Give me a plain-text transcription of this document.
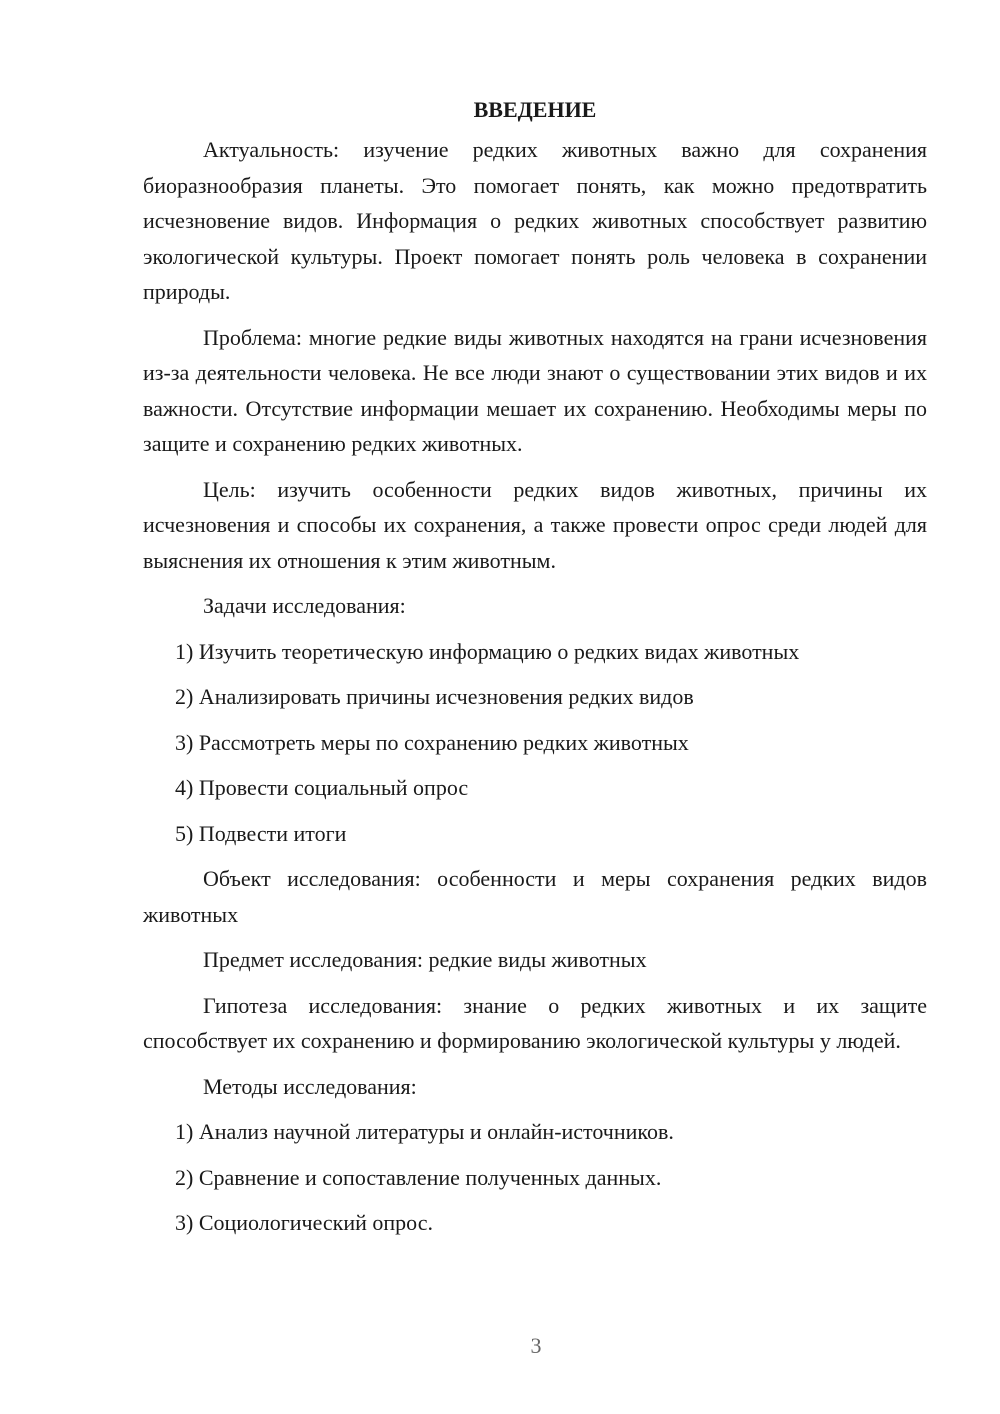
ВВЕДЕНИЕ

Актуальность: изучение редких животных важно для сохранения биоразнообразия планеты. Это помогает понять, как можно предотвратить исчезновение видов. Информация о редких животных способствует развитию экологической культуры. Проект помогает понять роль человека в сохранении природы.

Проблема: многие редкие виды животных находятся на грани исчезновения из-за деятельности человека. Не все люди знают о существовании этих видов и их важности. Отсутствие информации мешает их сохранению. Необходимы меры по защите и сохранению редких животных.

Цель: изучить особенности редких видов животных, причины их исчезновения и способы их сохранения, а также провести опрос среди людей для выяснения их отношения к этим животным.

Задачи исследования:

1) Изучить теоретическую информацию о редких видах животных

2) Анализировать причины исчезновения редких видов

3) Рассмотреть меры по сохранению редких животных

4) Провести социальный опрос

5) Подвести итоги

Объект исследования: особенности и меры сохранения редких видов животных

Предмет исследования: редкие виды животных

Гипотеза исследования: знание о редких животных и их защите способствует их сохранению и формированию экологической культуры у людей.

Методы исследования:

1) Анализ научной литературы и онлайн-источников.

2) Сравнение и сопоставление полученных данных.

3) Социологический опрос.

3
